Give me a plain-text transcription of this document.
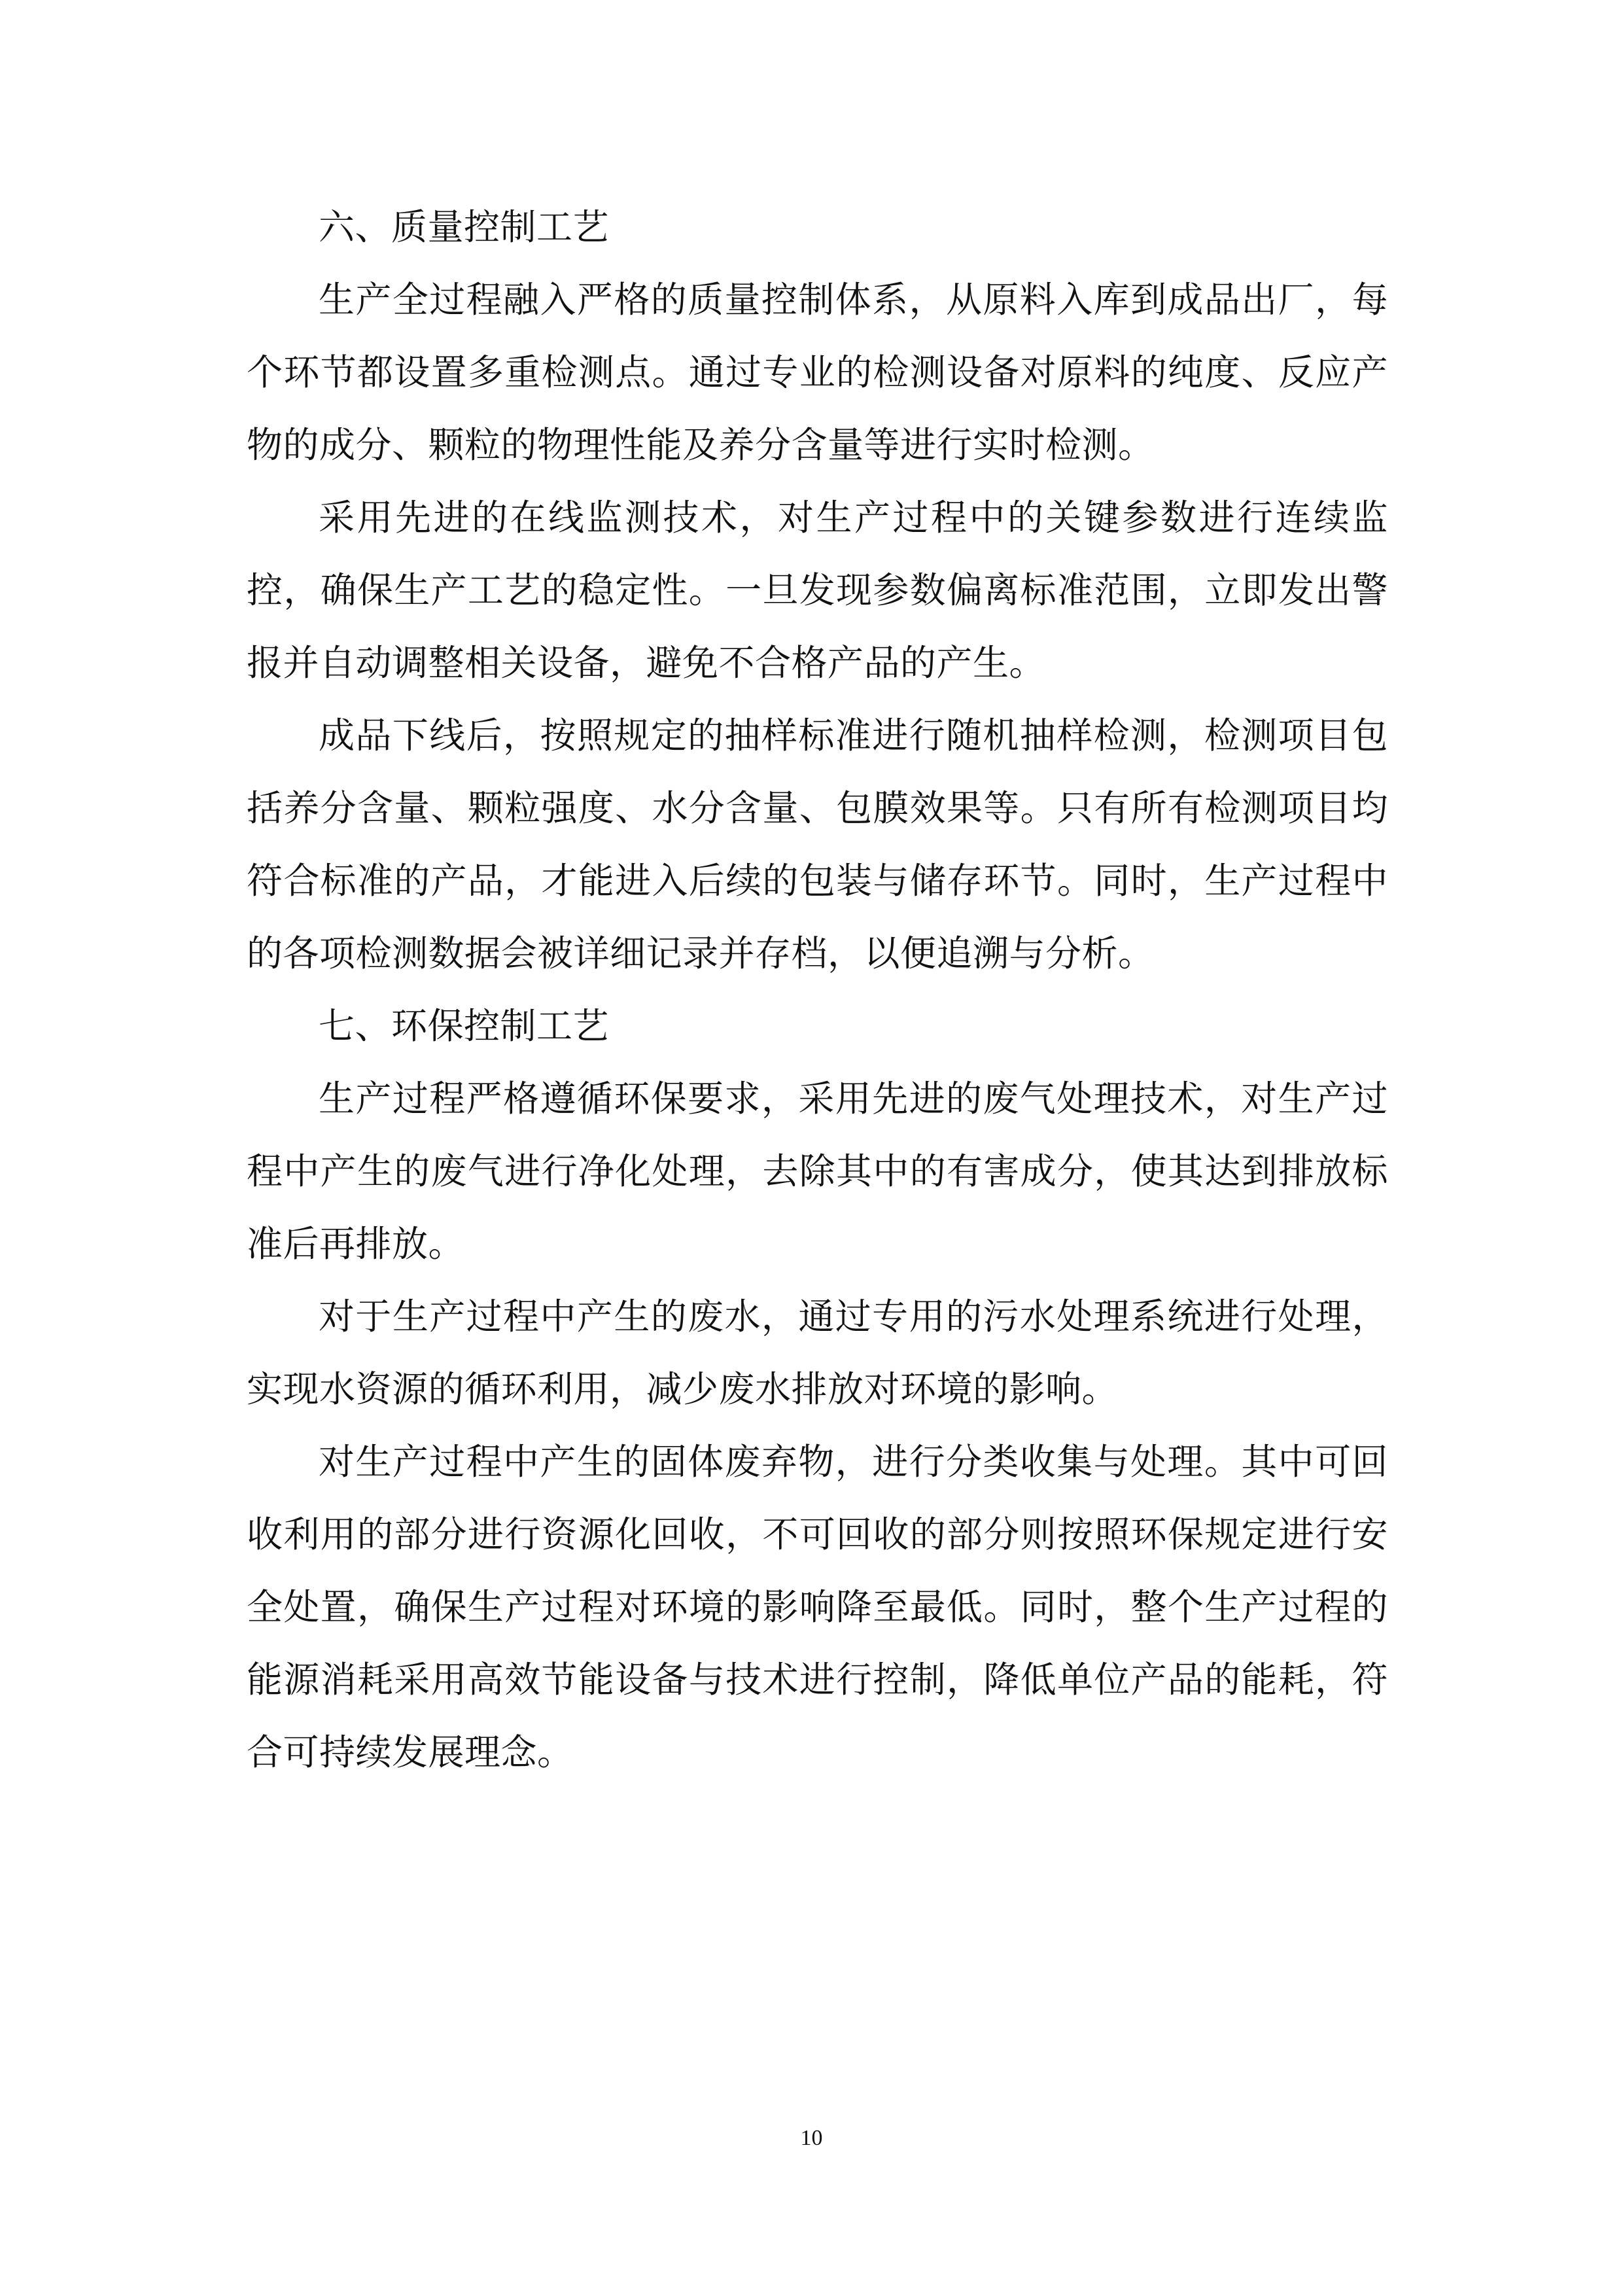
六、质量控制工艺

生产全过程融入严格的质量控制体系，从原料入库到成品出厂，每个环节都设置多重检测点。通过专业的检测设备对原料的纯度、反应产物的成分、颗粒的物理性能及养分含量等进行实时检测。

采用先进的在线监测技术，对生产过程中的关键参数进行连续监控，确保生产工艺的稳定性。一旦发现参数偏离标准范围，立即发出警报并自动调整相关设备，避免不合格产品的产生。

成品下线后，按照规定的抽样标准进行随机抽样检测，检测项目包括养分含量、颗粒强度、水分含量、包膜效果等。只有所有检测项目均符合标准的产品，才能进入后续的包装与储存环节。同时，生产过程中的各项检测数据会被详细记录并存档，以便追溯与分析。

七、环保控制工艺

生产过程严格遵循环保要求，采用先进的废气处理技术，对生产过程中产生的废气进行净化处理，去除其中的有害成分，使其达到排放标准后再排放。

对于生产过程中产生的废水，通过专用的污水处理系统进行处理，实现水资源的循环利用，减少废水排放对环境的影响。

对生产过程中产生的固体废弃物，进行分类收集与处理。其中可回收利用的部分进行资源化回收，不可回收的部分则按照环保规定进行安全处置，确保生产过程对环境的影响降至最低。同时，整个生产过程的能源消耗采用高效节能设备与技术进行控制，降低单位产品的能耗，符合可持续发展理念。

10
